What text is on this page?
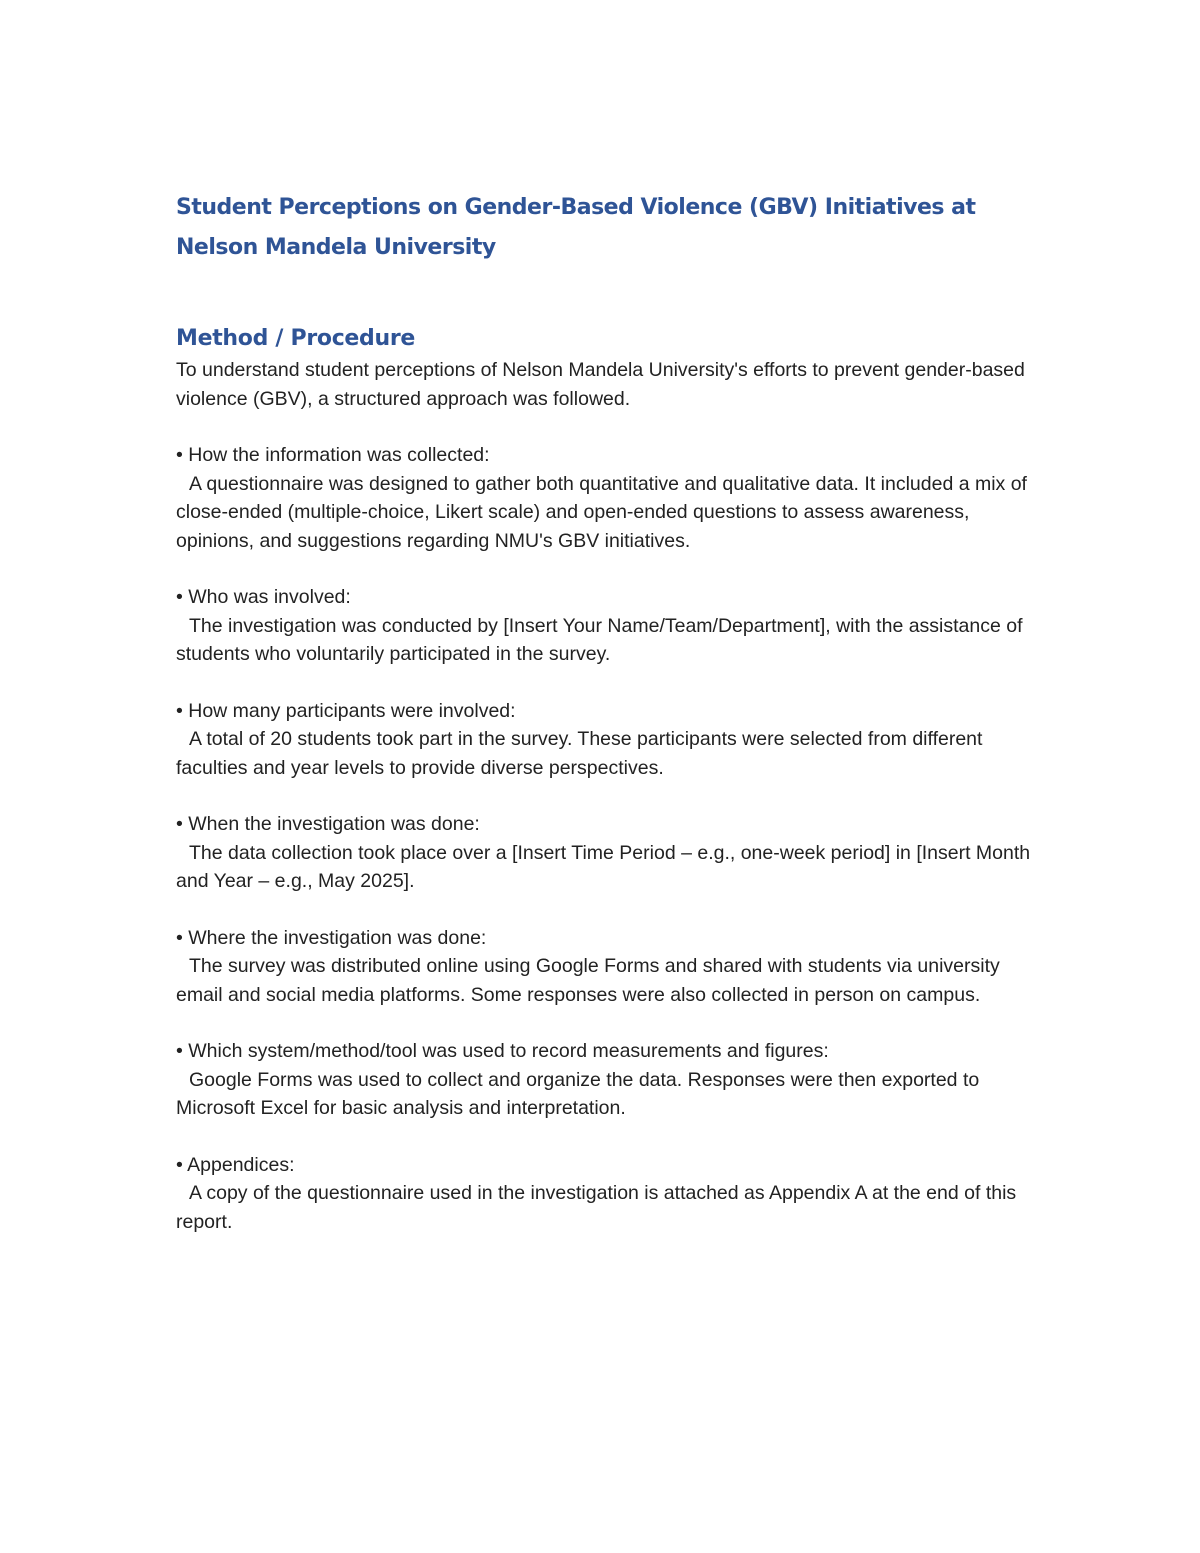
Student Perceptions on Gender-Based Violence (GBV) Initiatives at Nelson Mandela University
Method / Procedure

To understand student perceptions of Nelson Mandela University's efforts to prevent gender-based violence (GBV), a structured approach was followed.

• How the information was collected:
A questionnaire was designed to gather both quantitative and qualitative data. It included a mix of close-ended (multiple-choice, Likert scale) and open-ended questions to assess awareness, opinions, and suggestions regarding NMU's GBV initiatives.
• Who was involved:
The investigation was conducted by [Insert Your Name/Team/Department], with the assistance of students who voluntarily participated in the survey.
• How many participants were involved:
A total of 20 students took part in the survey. These participants were selected from different faculties and year levels to provide diverse perspectives.
• When the investigation was done:
The data collection took place over a [Insert Time Period – e.g., one-week period] in [Insert Month and Year – e.g., May 2025].
• Where the investigation was done:
The survey was distributed online using Google Forms and shared with students via university email and social media platforms. Some responses were also collected in person on campus.
• Which system/method/tool was used to record measurements and figures:
Google Forms was used to collect and organize the data. Responses were then exported to Microsoft Excel for basic analysis and interpretation.
• Appendices:
A copy of the questionnaire used in the investigation is attached as Appendix A at the end of this report.
